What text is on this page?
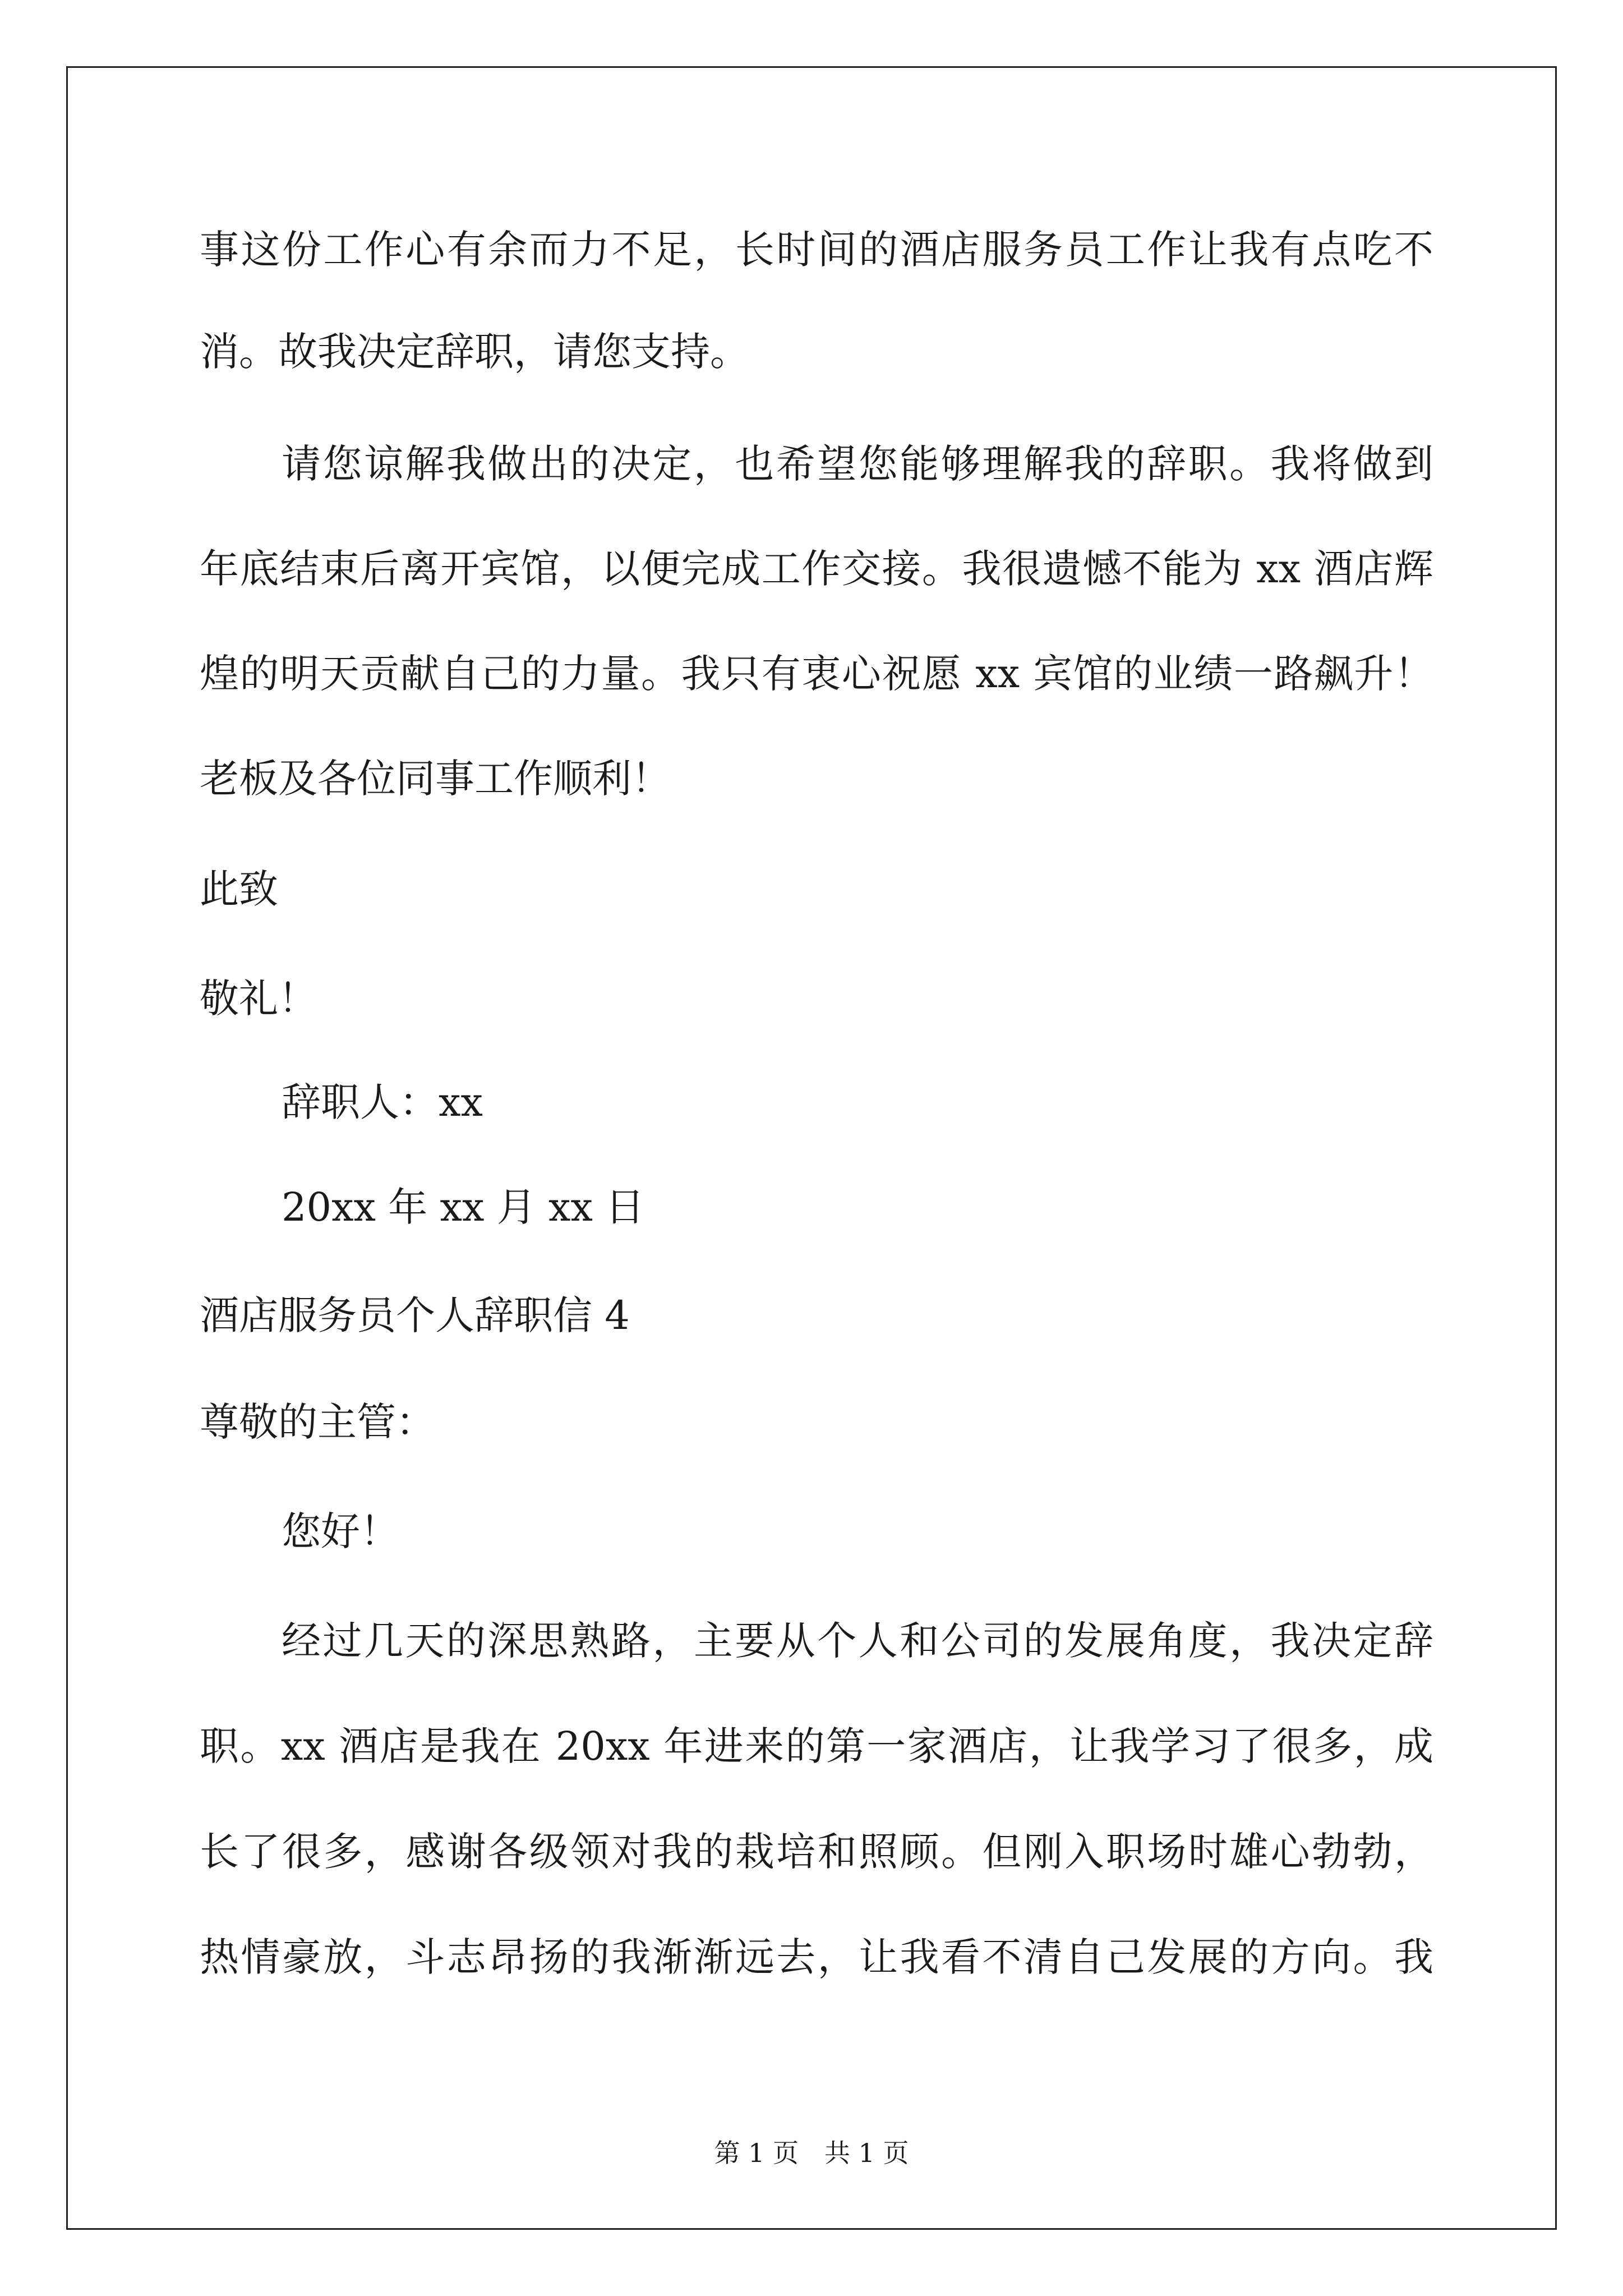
事这份工作心有余而力不足，长时间的酒店服务员工作让我有点吃不
消。故我决定辞职，请您支持。
请您谅解我做出的决定，也希望您能够理解我的辞职。我将做到
年底结束后离开宾馆，以便完成工作交接。我很遗憾不能为 xx 酒店辉
煌的明天贡献自己的力量。我只有衷心祝愿 xx 宾馆的业绩一路飙升！
老板及各位同事工作顺利！
此致
敬礼！
辞职人：xx
20xx 年 xx 月 xx 日
酒店服务员个人辞职信 4
尊敬的主管：
您好！
经过几天的深思熟路，主要从个人和公司的发展角度，我决定辞
职。xx 酒店是我在 20xx 年进来的第一家酒店，让我学习了很多，成
长了很多，感谢各级领对我的栽培和照顾。但刚入职场时雄心勃勃，
热情豪放，斗志昂扬的我渐渐远去，让我看不清自己发展的方向。我
第 1 页　共 1 页
